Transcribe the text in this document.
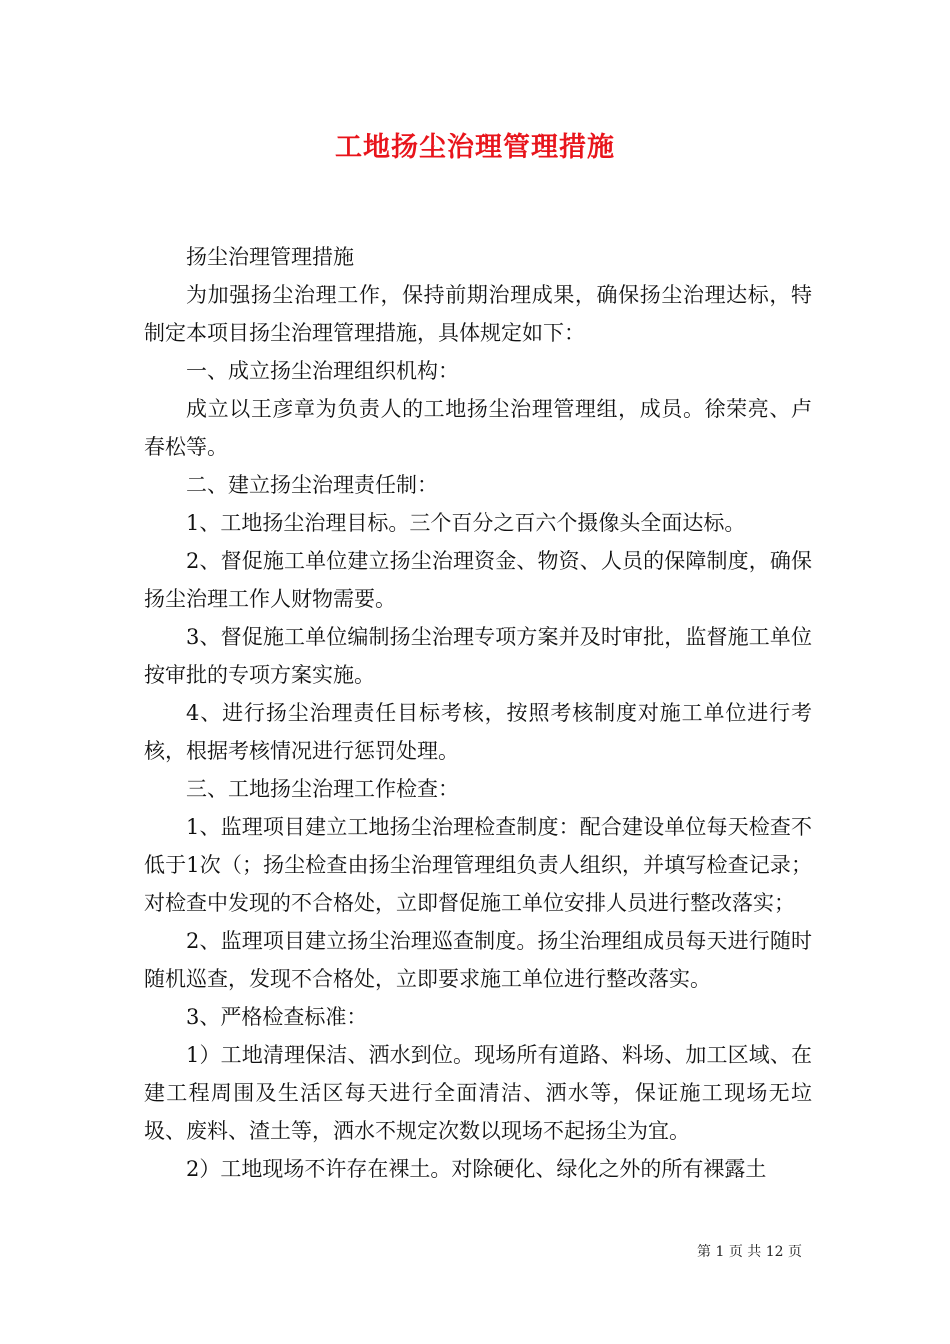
工地扬尘治理管理措施

扬尘治理管理措施

为加强扬尘治理工作，保持前期治理成果，确保扬尘治理达标，特制定本项目扬尘治理管理措施，具体规定如下：

一、成立扬尘治理组织机构：

成立以王彦章为负责人的工地扬尘治理管理组，成员。徐荣亮、卢春松等。

二、建立扬尘治理责任制：

1、工地扬尘治理目标。三个百分之百六个摄像头全面达标。

2、督促施工单位建立扬尘治理资金、物资、人员的保障制度，确保扬尘治理工作人财物需要。

3、督促施工单位编制扬尘治理专项方案并及时审批，监督施工单位按审批的专项方案实施。

4、进行扬尘治理责任目标考核，按照考核制度对施工单位进行考核，根据考核情况进行惩罚处理。

三、工地扬尘治理工作检查：

1、监理项目建立工地扬尘治理检查制度：配合建设单位每天检查不低于1次（；扬尘检查由扬尘治理管理组负责人组织，并填写检查记录；对检查中发现的不合格处，立即督促施工单位安排人员进行整改落实；

2、监理项目建立扬尘治理巡查制度。扬尘治理组成员每天进行随时随机巡查，发现不合格处，立即要求施工单位进行整改落实。

3、严格检查标准：

1）工地清理保洁、洒水到位。现场所有道路、料场、加工区域、在建工程周围及生活区每天进行全面清洁、洒水等，保证施工现场无垃圾、废料、渣土等，洒水不规定次数以现场不起扬尘为宜。

2）工地现场不许存在裸土。对除硬化、绿化之外的所有裸露土

第 1 页 共 12 页
